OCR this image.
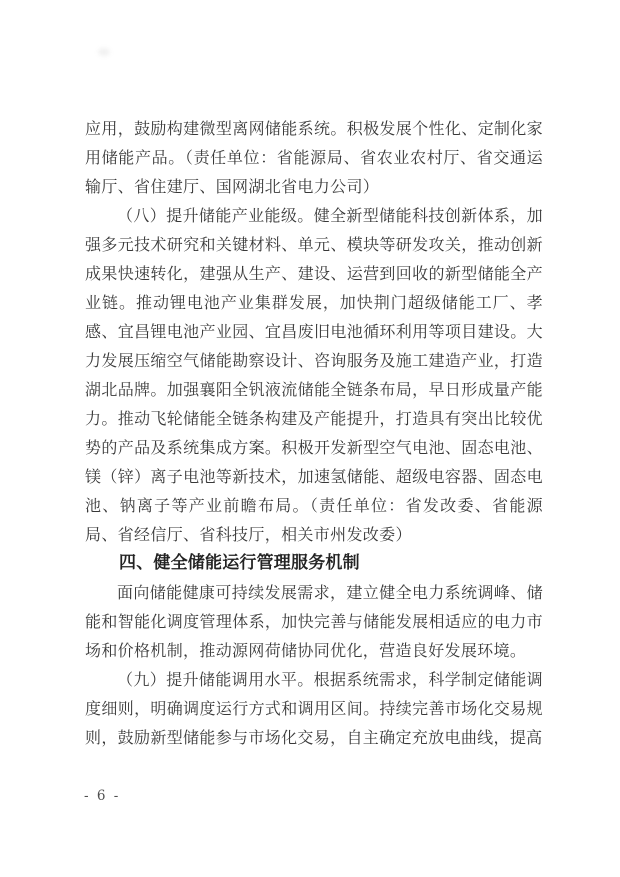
应用，鼓励构建微型离网储能系统。积极发展个性化、定制化家用储能产品。（责任单位：省能源局、省农业农村厅、省交通运输厅、省住建厅、国网湖北省电力公司）

（八）提升储能产业能级。健全新型储能科技创新体系，加强多元技术研究和关键材料、单元、模块等研发攻关，推动创新成果快速转化，建强从生产、建设、运营到回收的新型储能全产业链。推动锂电池产业集群发展，加快荆门超级储能工厂、孝感、宜昌锂电池产业园、宜昌废旧电池循环利用等项目建设。大力发展压缩空气储能勘察设计、咨询服务及施工建造产业，打造湖北品牌。加强襄阳全钒液流储能全链条布局，早日形成量产能力。推动飞轮储能全链条构建及产能提升，打造具有突出比较优势的产品及系统集成方案。积极开发新型空气电池、固态电池、镁（锌）离子电池等新技术，加速氢储能、超级电容器、固态电池、钠离子等产业前瞻布局。（责任单位：省发改委、省能源局、省经信厅、省科技厅，相关市州发改委）

四、健全储能运行管理服务机制

面向储能健康可持续发展需求，建立健全电力系统调峰、储能和智能化调度管理体系，加快完善与储能发展相适应的电力市场和价格机制，推动源网荷储协同优化，营造良好发展环境。

（九）提升储能调用水平。根据系统需求，科学制定储能调度细则，明确调度运行方式和调用区间。持续完善市场化交易规则，鼓励新型储能参与市场化交易，自主确定充放电曲线，提高

- 6 -
